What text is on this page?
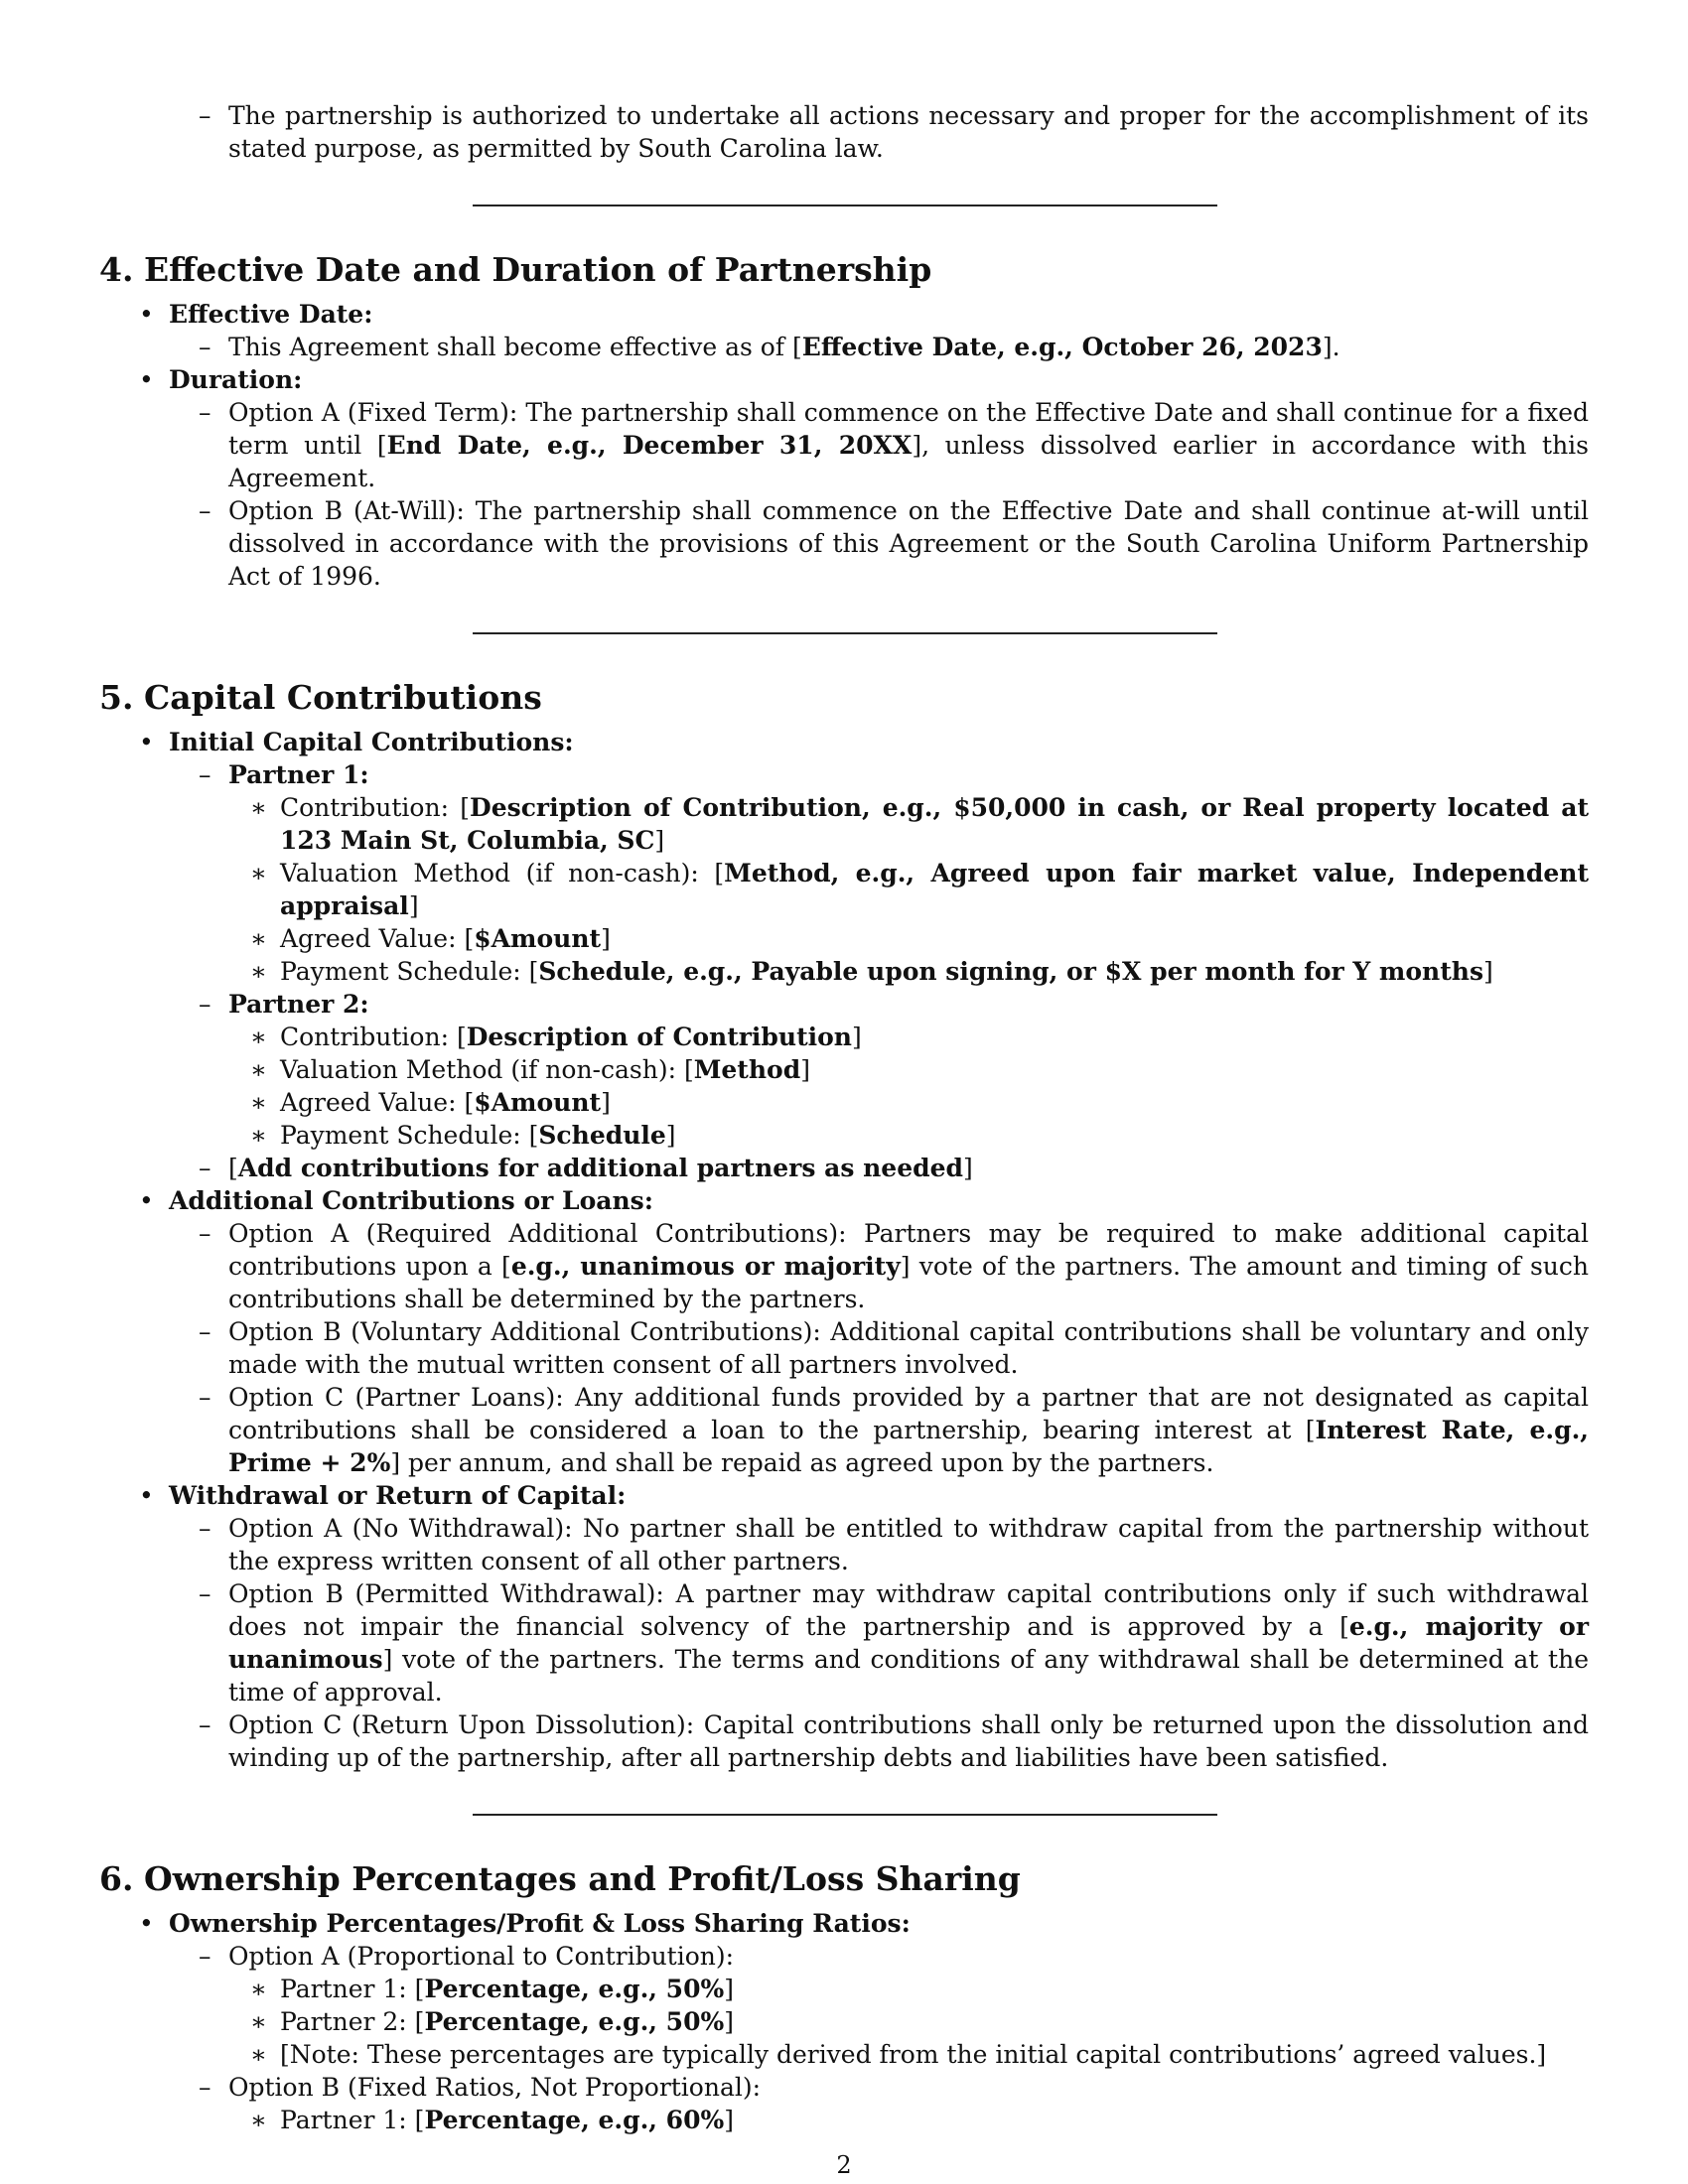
– The partnership is authorized to undertake all actions necessary and proper for the accomplishment of its stated purpose, as permitted by South Carolina law.

4. Effective Date and Duration of Partnership

• Effective Date:

– This Agreement shall become effective as of [Effective Date, e.g., October 26, 2023].

• Duration:

– Option A (Fixed Term): The partnership shall commence on the Effective Date and shall continue for a fixed term until [End Date, e.g., December 31, 20XX], unless dissolved earlier in accordance with this Agreement.

– Option B (At-Will): The partnership shall commence on the Effective Date and shall continue at-will until dissolved in accordance with the provisions of this Agreement or the South Carolina Uniform Partnership Act of 1996.

5. Capital Contributions

• Initial Capital Contributions:

– Partner 1:

∗ Contribution: [Description of Contribution, e.g., $50,000 in cash, or Real property located at 123 Main St, Columbia, SC]

∗ Valuation Method (if non-cash): [Method, e.g., Agreed upon fair market value, Independent appraisal]

∗ Agreed Value: [$Amount]

∗ Payment Schedule: [Schedule, e.g., Payable upon signing, or $X per month for Y months]

– Partner 2:

∗ Contribution: [Description of Contribution]

∗ Valuation Method (if non-cash): [Method]

∗ Agreed Value: [$Amount]

∗ Payment Schedule: [Schedule]

– [Add contributions for additional partners as needed]

• Additional Contributions or Loans:

– Option A (Required Additional Contributions): Partners may be required to make additional capital contributions upon a [e.g., unanimous or majority] vote of the partners. The amount and timing of such contributions shall be determined by the partners.

– Option B (Voluntary Additional Contributions): Additional capital contributions shall be voluntary and only made with the mutual written consent of all partners involved.

– Option C (Partner Loans): Any additional funds provided by a partner that are not designated as capital contributions shall be considered a loan to the partnership, bearing interest at [Interest Rate, e.g., Prime + 2%] per annum, and shall be repaid as agreed upon by the partners.

• Withdrawal or Return of Capital:

– Option A (No Withdrawal): No partner shall be entitled to withdraw capital from the partnership without the express written consent of all other partners.

– Option B (Permitted Withdrawal): A partner may withdraw capital contributions only if such withdrawal does not impair the financial solvency of the partnership and is approved by a [e.g., majority or unanimous] vote of the partners. The terms and conditions of any withdrawal shall be determined at the time of approval.

– Option C (Return Upon Dissolution): Capital contributions shall only be returned upon the dissolution and winding up of the partnership, after all partnership debts and liabilities have been satisfied.

6. Ownership Percentages and Profit/Loss Sharing

• Ownership Percentages/Profit & Loss Sharing Ratios:

– Option A (Proportional to Contribution):

∗ Partner 1: [Percentage, e.g., 50%]

∗ Partner 2: [Percentage, e.g., 50%]

∗ [Note: These percentages are typically derived from the initial capital contributions’ agreed values.]

– Option B (Fixed Ratios, Not Proportional):

∗ Partner 1: [Percentage, e.g., 60%]

2
